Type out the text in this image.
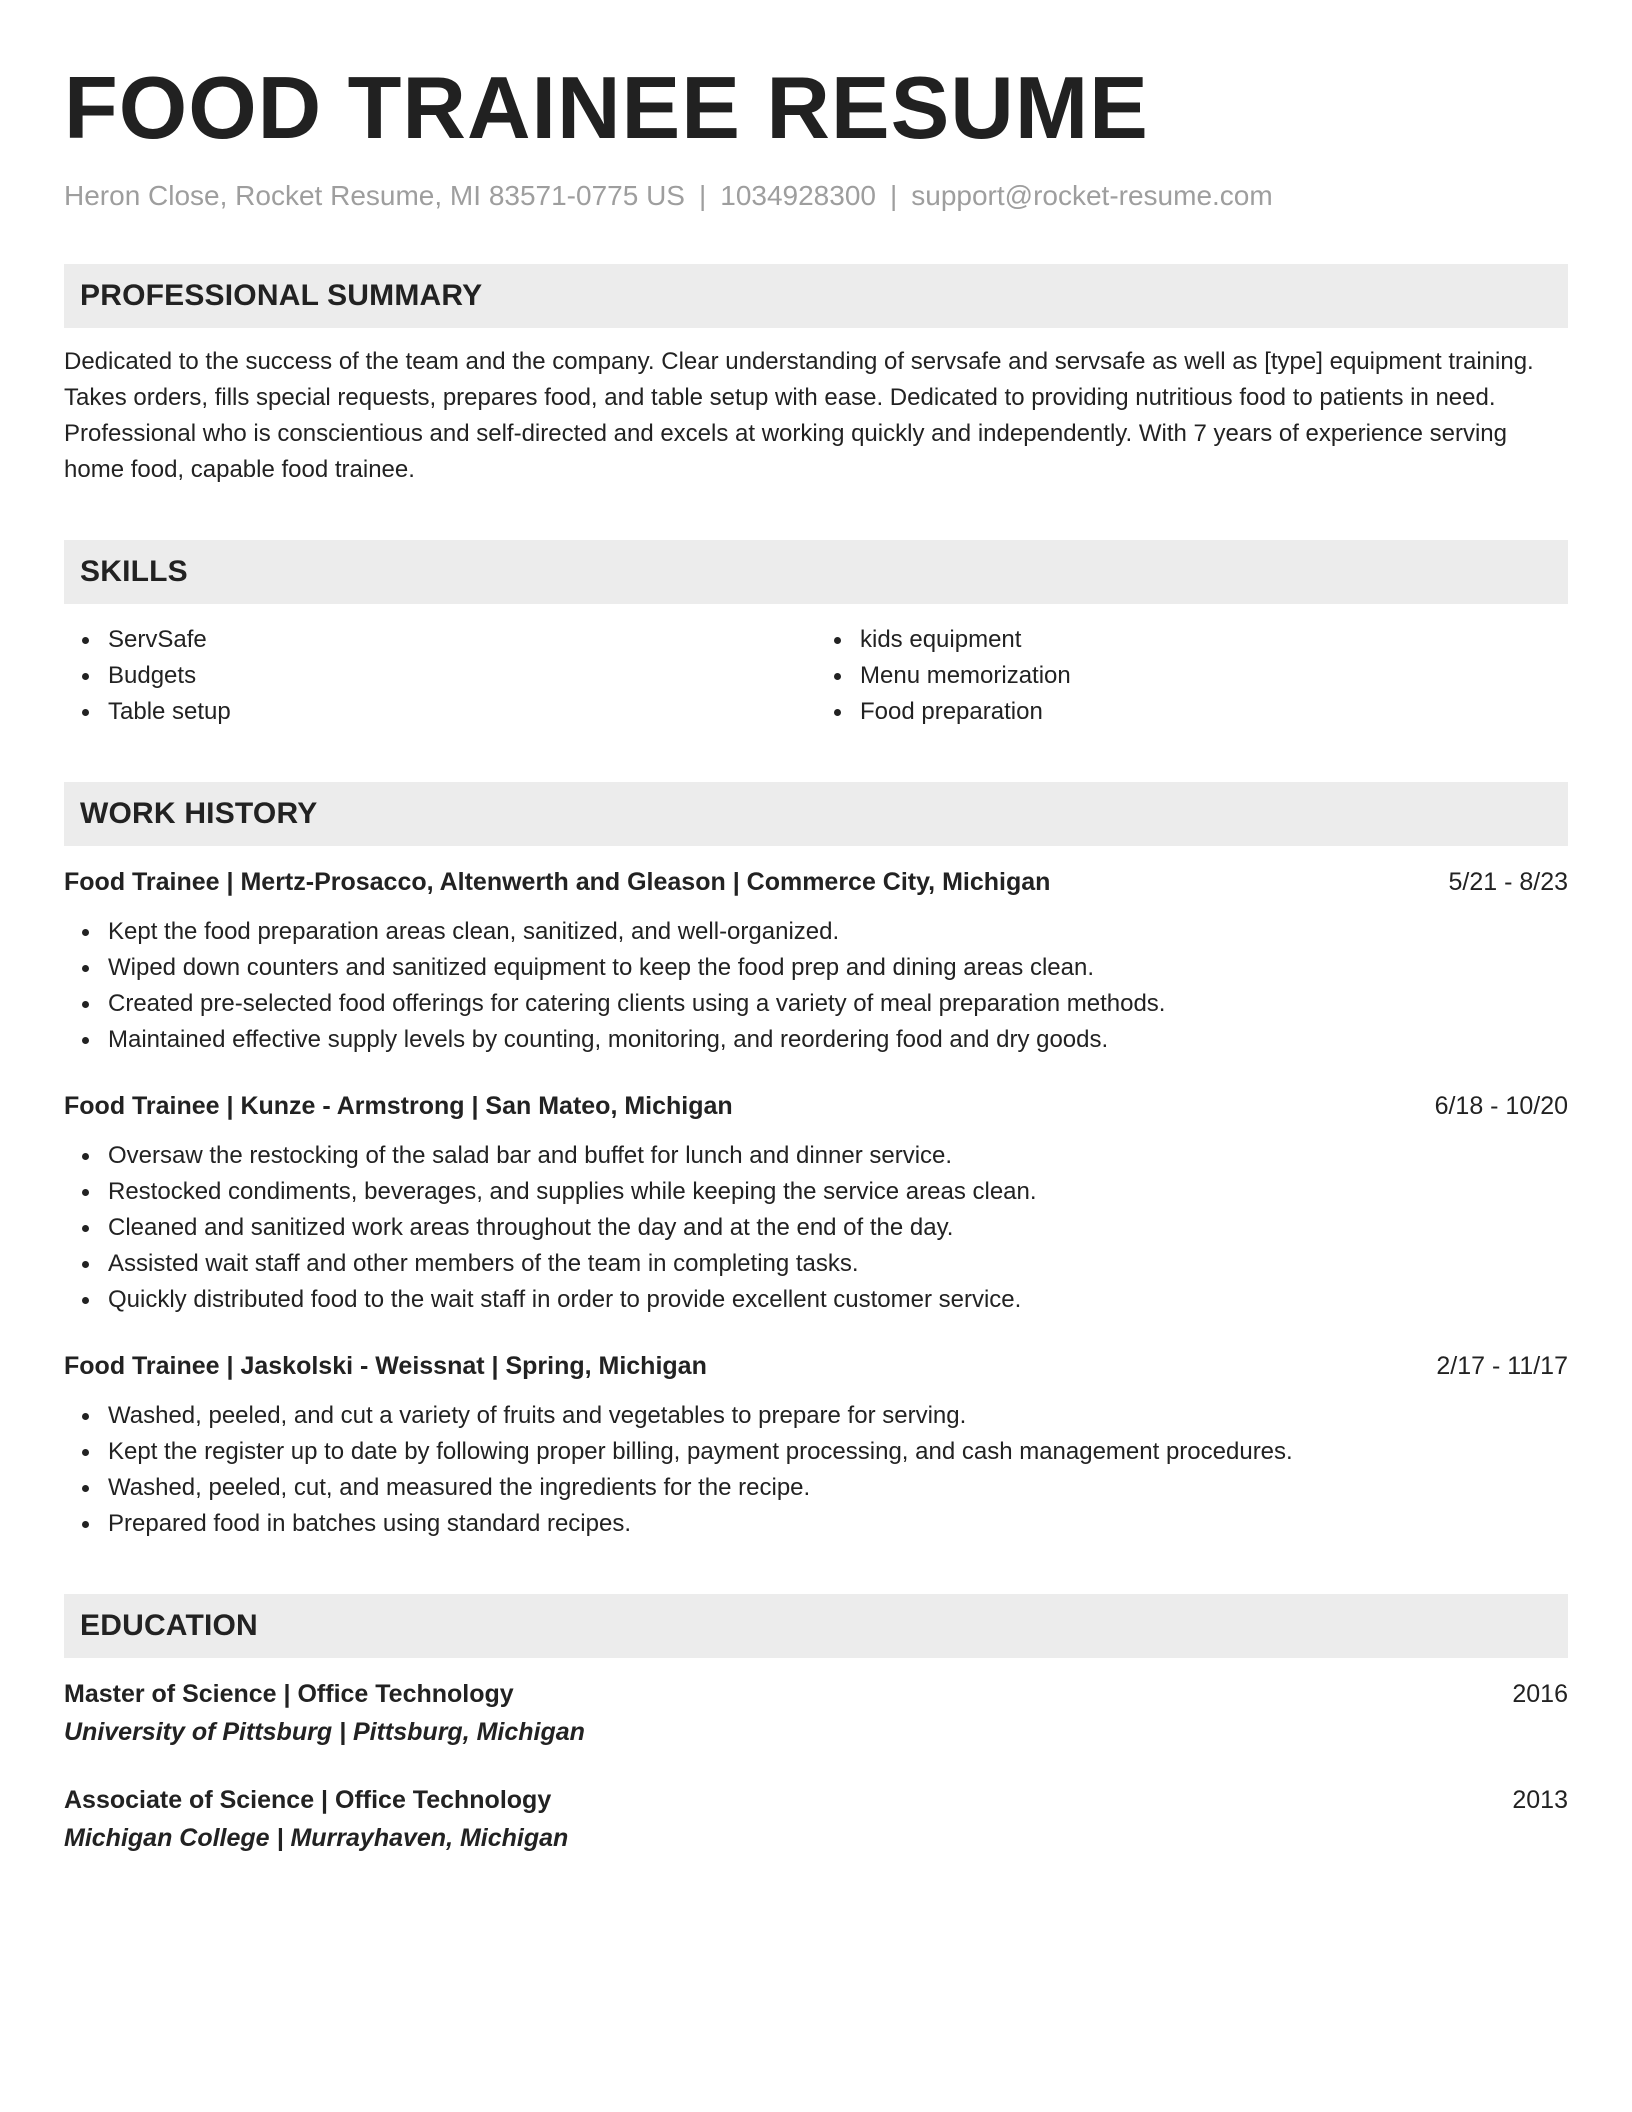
FOOD TRAINEE RESUME
Heron Close, Rocket Resume, MI 83571-0775 US | 1034928300 | support@rocket-resume.com
PROFESSIONAL SUMMARY
Dedicated to the success of the team and the company. Clear understanding of servsafe and servsafe as well as [type] equipment training. Takes orders, fills special requests, prepares food, and table setup with ease. Dedicated to providing nutritious food to patients in need. Professional who is conscientious and self-directed and excels at working quickly and independently. With 7 years of experience serving home food, capable food trainee.
SKILLS
ServSafe
Budgets
Table setup
kids equipment
Menu memorization
Food preparation
WORK HISTORY
Food Trainee | Mertz-Prosacco, Altenwerth and Gleason | Commerce City, Michigan	5/21 - 8/23
Kept the food preparation areas clean, sanitized, and well-organized.
Wiped down counters and sanitized equipment to keep the food prep and dining areas clean.
Created pre-selected food offerings for catering clients using a variety of meal preparation methods.
Maintained effective supply levels by counting, monitoring, and reordering food and dry goods.
Food Trainee | Kunze - Armstrong | San Mateo, Michigan	6/18 - 10/20
Oversaw the restocking of the salad bar and buffet for lunch and dinner service.
Restocked condiments, beverages, and supplies while keeping the service areas clean.
Cleaned and sanitized work areas throughout the day and at the end of the day.
Assisted wait staff and other members of the team in completing tasks.
Quickly distributed food to the wait staff in order to provide excellent customer service.
Food Trainee | Jaskolski - Weissnat | Spring, Michigan	2/17 - 11/17
Washed, peeled, and cut a variety of fruits and vegetables to prepare for serving.
Kept the register up to date by following proper billing, payment processing, and cash management procedures.
Washed, peeled, cut, and measured the ingredients for the recipe.
Prepared food in batches using standard recipes.
EDUCATION
Master of Science | Office Technology	2016
University of Pittsburg | Pittsburg, Michigan
Associate of Science | Office Technology	2013
Michigan College | Murrayhaven, Michigan
